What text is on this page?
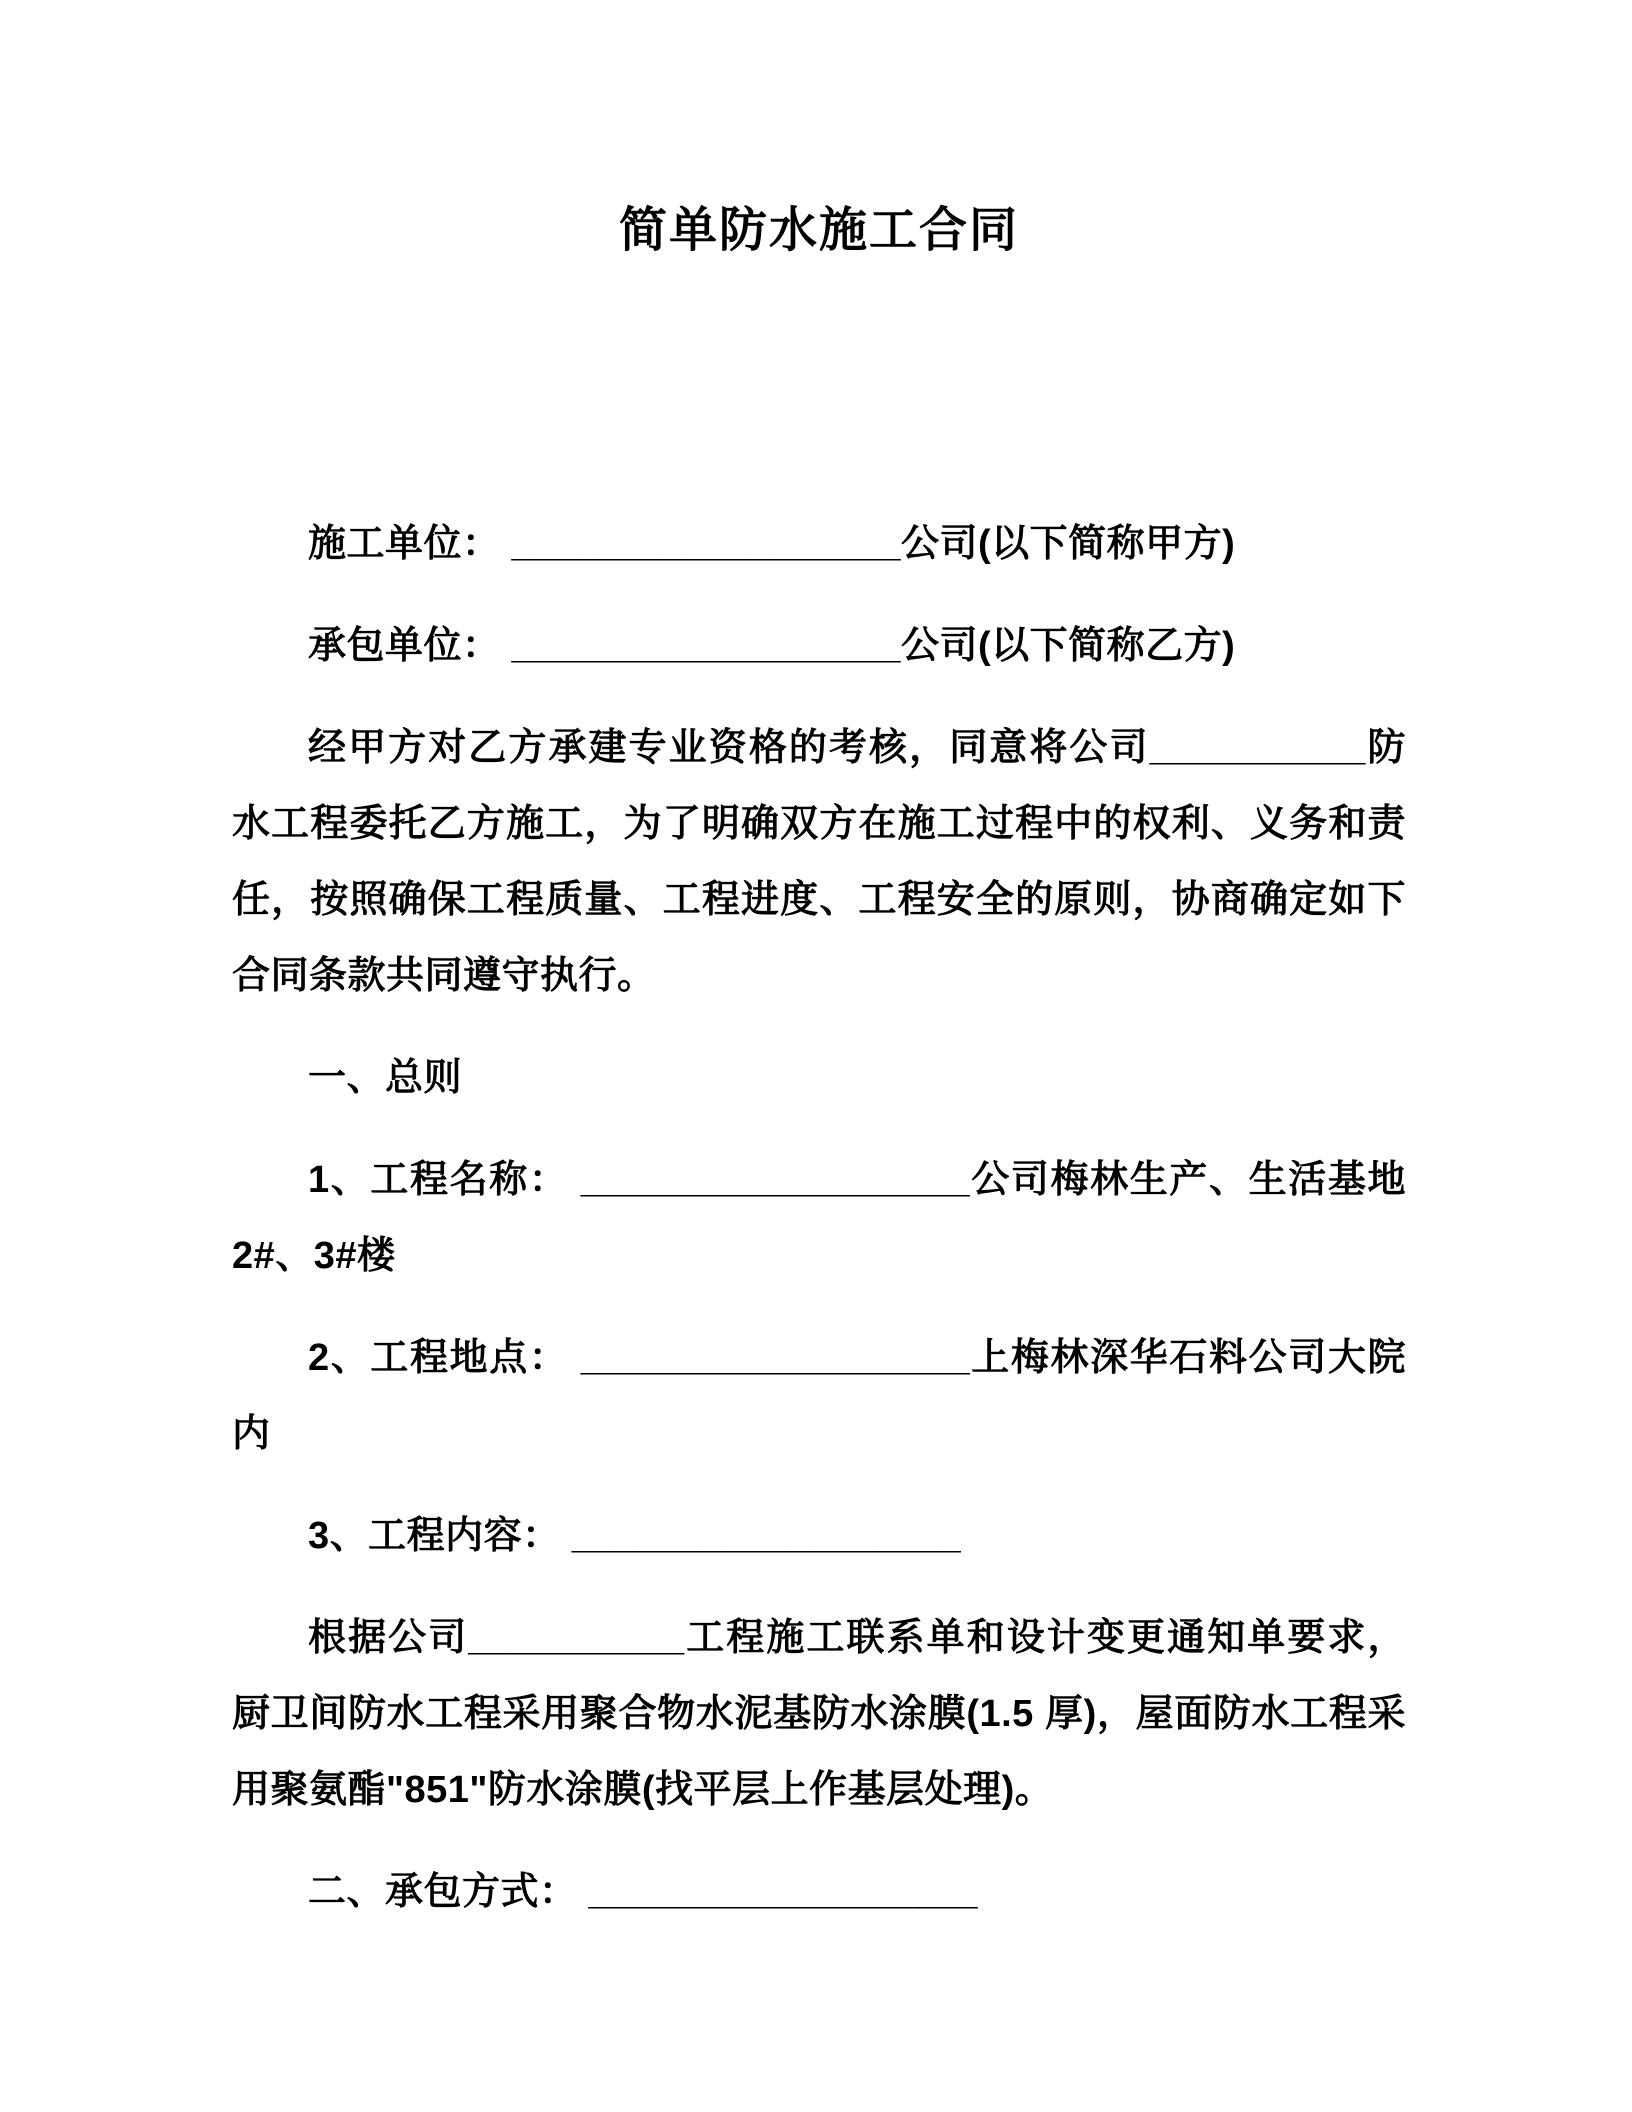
简单防水施工合同
施工单位： __________________公司(以下简称甲方)
承包单位： __________________公司(以下简称乙方)
经甲方对乙方承建专业资格的考核，同意将公司__________防水工程委托乙方施工，为了明确双方在施工过程中的权利、义务和责任，按照确保工程质量、工程进度、工程安全的原则，协商确定如下合同条款共同遵守执行。
一、总则
1、工程名称： __________________公司梅林生产、生活基地2#、3#楼
2、工程地点： __________________上梅林深华石料公司大院内
3、工程内容： __________________
根据公司__________工程施工联系单和设计变更通知单要求，厨卫间防水工程采用聚合物水泥基防水涂膜(1.5 厚)，屋面防水工程采用聚氨酯"851"防水涂膜(找平层上作基层处理)。
二、承包方式： __________________
